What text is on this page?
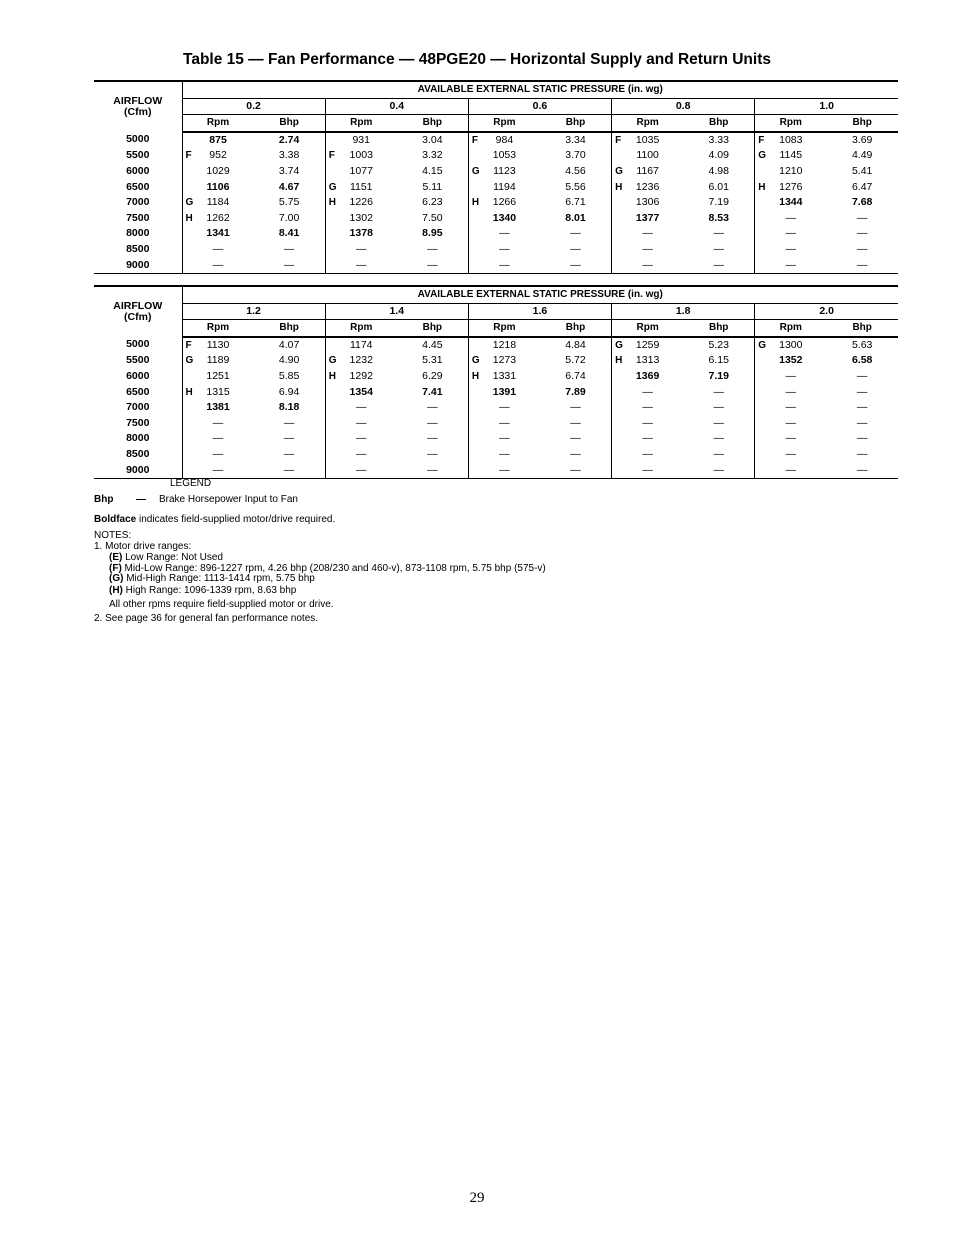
Table 15 — Fan Performance — 48PGE20 — Horizontal Supply and Return Units
AIRFLOW
(Cfm)	AVAILABLE EXTERNAL STATIC PRESSURE (in. wg)									
	0.2		0.4		0.6		0.8		1.0	
	Rpm	Bhp	Rpm	Bhp	Rpm	Bhp	Rpm	Bhp	Rpm	Bhp
5000	875	2.74	931	3.04	F 984	3.34	F 1035	3.33	F 1083	3.69
5500	F 952	3.38	F 1003	3.32	1053	3.70	1100	4.09	G 1145	4.49
6000	1029	3.74	1077	4.15	G 1123	4.56	G 1167	4.98	1210	5.41
6500	1106	4.67	G 1151	5.11	1194	5.56	H 1236	6.01	H 1276	6.47
7000	G 1184	5.75	H 1226	6.23	H 1266	6.71	1306	7.19	1344	7.68
7500	H 1262	7.00	1302	7.50	1340	8.01	1377	8.53	—	—
8000	1341	8.41	1378	8.95	—	—	—	—	—	—
8500	—	—	—	—	—	—	—	—	—	—
9000	—	—	—	—	—	—	—	—	—	—
AIRFLOW
(Cfm)	AVAILABLE EXTERNAL STATIC PRESSURE (in. wg)									
	1.2		1.4		1.6		1.8		2.0	
	Rpm	Bhp	Rpm	Bhp	Rpm	Bhp	Rpm	Bhp	Rpm	Bhp
5000	F 1130	4.07	1174	4.45	1218	4.84	G 1259	5.23	G 1300	5.63
5500	G 1189	4.90	G 1232	5.31	G 1273	5.72	H 1313	6.15	1352	6.58
6000	1251	5.85	H 1292	6.29	H 1331	6.74	1369	7.19	—	—
6500	H 1315	6.94	1354	7.41	1391	7.89	—	—	—	—
7000	1381	8.18	—	—	—	—	—	—	—	—
7500	—	—	—	—	—	—	—	—	—	—
8000	—	—	—	—	—	—	—	—	—	—
8500	—	—	—	—	—	—	—	—	—	—
9000	—	—	—	—	—	—	—	—	—	—
LEGEND
Bhp — Brake Horsepower Input to Fan
Boldface indicates field-supplied motor/drive required.
NOTES:
1. Motor drive ranges:
(E) Low Range: Not Used
(F) Mid-Low Range: 896-1227 rpm, 4.26 bhp (208/230 and 460-v), 873-1108 rpm, 5.75 bhp (575-v)
(G) Mid-High Range: 1113-1414 rpm, 5.75 bhp
(H) High Range: 1096-1339 rpm, 8.63 bhp
All other rpms require field-supplied motor or drive.
2. See page 36 for general fan performance notes.
29
